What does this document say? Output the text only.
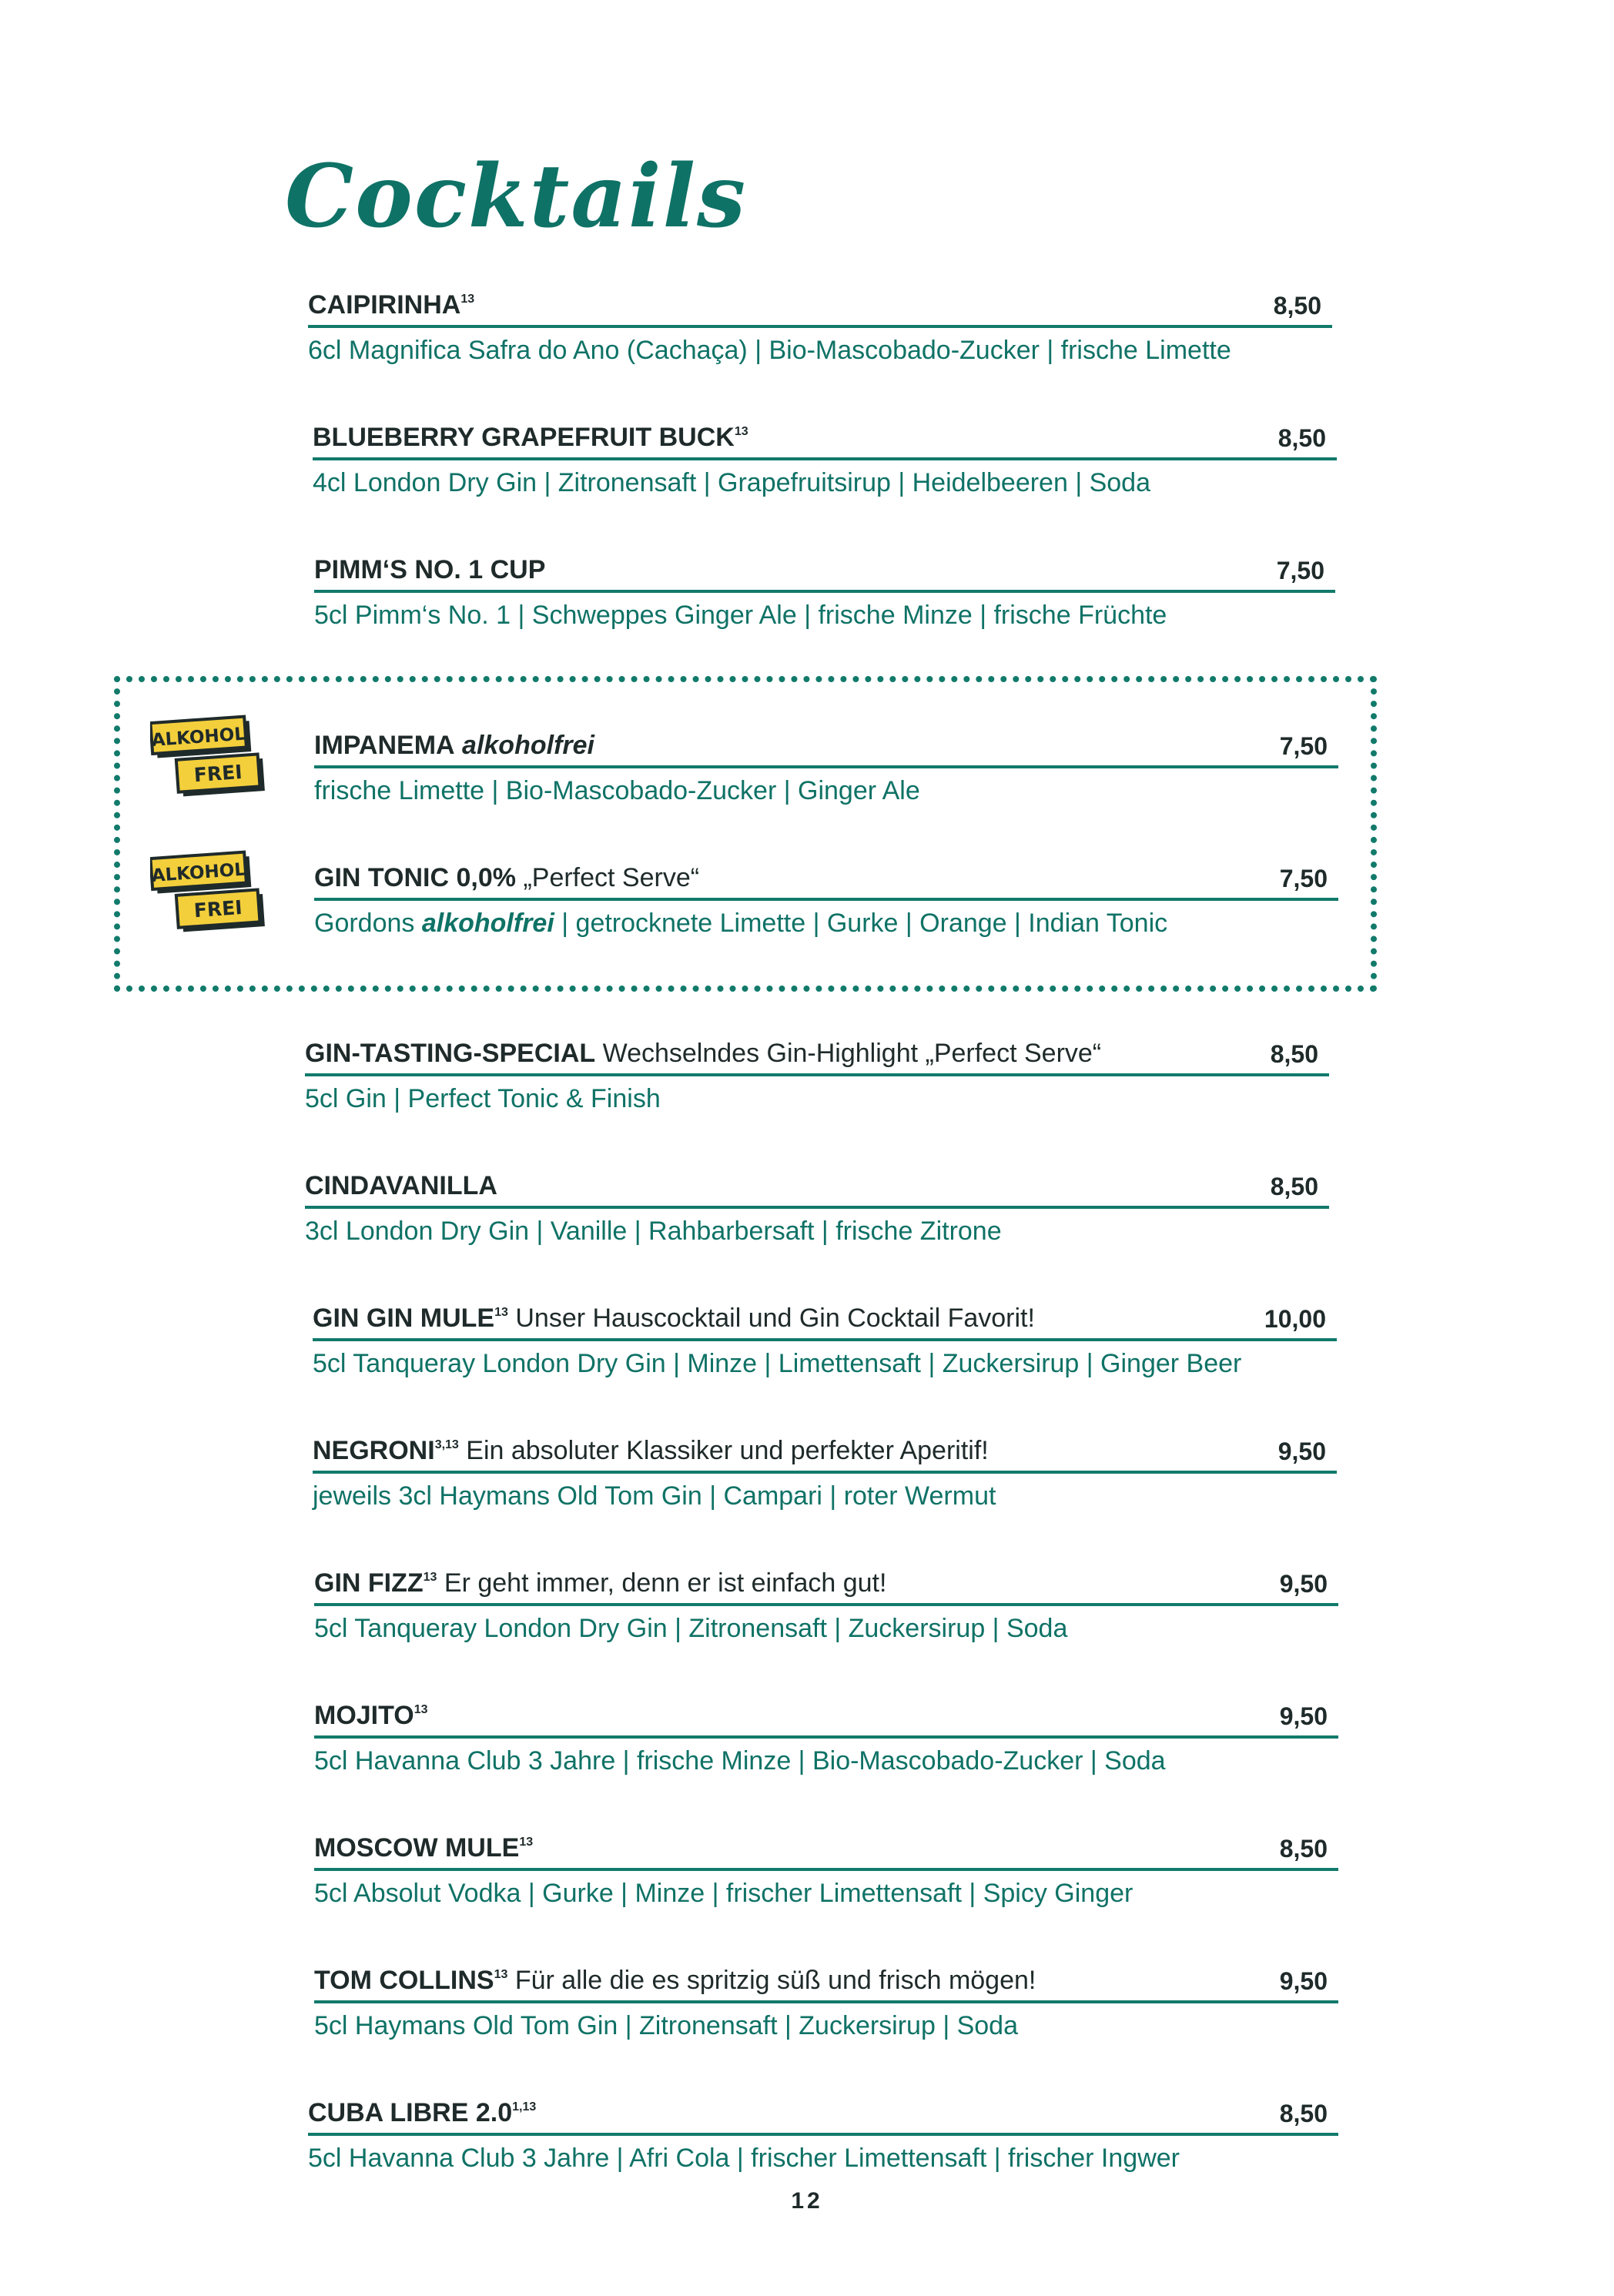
Cocktails
ALKOHOL
FREI
ALKOHOL
FREI
CAIPIRINHA$^{13}$	8,50
6cl Magnifica Safra do Ano (Cachaça) | Bio-Mascobado-Zucker | frische Limette
BLUEBERRY GRAPEFRUIT BUCK$^{13}$	8,50
4cl London Dry Gin | Zitronensaft | Grapefruitsirup | Heidelbeeren | Soda
PIMM‘S NO. 1 CUP	7,50
5cl Pimm‘s No. 1 | Schweppes Ginger Ale | frische Minze | frische Früchte
IMPANEMA alkoholfrei	7,50
frische Limette | Bio-Mascobado-Zucker | Ginger Ale
GIN TONIC 0,0% „Perfect Serve“	7,50
Gordons alkoholfrei | getrocknete Limette | Gurke | Orange | Indian Tonic
GIN-TASTING-SPECIAL Wechselndes Gin-Highlight „Perfect Serve“	8,50
5cl Gin | Perfect Tonic & Finish
CINDAVANILLA	8,50
3cl London Dry Gin | Vanille | Rahbarbersaft | frische Zitrone
GIN GIN MULE$^{13}$ Unser Hauscocktail und Gin Cocktail Favorit!	10,00
5cl Tanqueray London Dry Gin | Minze | Limettensaft | Zuckersirup | Ginger Beer
NEGRONI$^{3,13}$ Ein absoluter Klassiker und perfekter Aperitif!	9,50
jeweils 3cl Haymans Old Tom Gin | Campari | roter Wermut
GIN FIZZ$^{13}$ Er geht immer, denn er ist einfach gut!	9,50
5cl Tanqueray London Dry Gin | Zitronensaft | Zuckersirup | Soda
MOJITO$^{13}$	9,50
5cl Havanna Club 3 Jahre | frische Minze | Bio-Mascobado-Zucker | Soda
MOSCOW MULE$^{13}$	8,50
5cl Absolut Vodka | Gurke | Minze | frischer Limettensaft | Spicy Ginger
TOM COLLINS$^{13}$ Für alle die es spritzig süß und frisch mögen!	9,50
5cl Haymans Old Tom Gin | Zitronensaft | Zuckersirup | Soda
CUBA LIBRE 2.0$^{1,13}$	8,50
5cl Havanna Club 3 Jahre | Afri Cola | frischer Limettensaft | frischer Ingwer
12
